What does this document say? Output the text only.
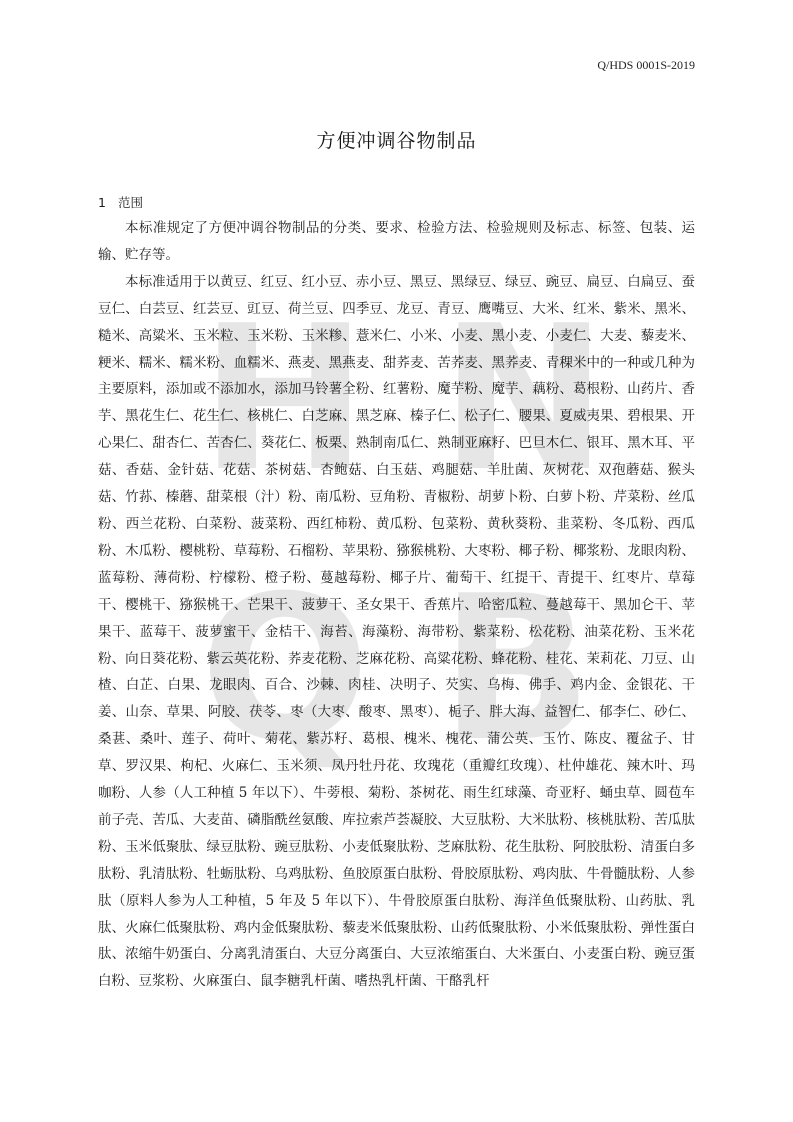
H N
Q B
Q/HDS 0001S-2019
方便冲调谷物制品
1 范围

本标准规定了方便冲调谷物制品的分类、要求、检验方法、检验规则及标志、标签、包装、运输、贮存等。

本标准适用于以黄豆、红豆、红小豆、赤小豆、黑豆、黑绿豆、绿豆、豌豆、扁豆、白扁豆、蚕豆仁、白芸豆、红芸豆、豇豆、荷兰豆、四季豆、龙豆、青豆、鹰嘴豆、大米、红米、紫米、黑米、糙米、高粱米、玉米粒、玉米粉、玉米糁、薏米仁、小米、小麦、黑小麦、小麦仁、大麦、藜麦米、粳米、糯米、糯米粉、血糯米、燕麦、黑燕麦、甜荞麦、苦荞麦、黑荞麦、青稞米中的一种或几种为主要原料，添加或不添加水，添加马铃薯全粉、红薯粉、魔芋粉、魔芋、藕粉、葛根粉、山药片、香芋、黑花生仁、花生仁、核桃仁、白芝麻、黑芝麻、榛子仁、松子仁、腰果、夏威夷果、碧根果、开心果仁、甜杏仁、苦杏仁、葵花仁、板栗、熟制南瓜仁、熟制亚麻籽、巴旦木仁、银耳、黑木耳、平菇、香菇、金针菇、花菇、茶树菇、杏鲍菇、白玉菇、鸡腿菇、羊肚菌、灰树花、双孢蘑菇、猴头菇、竹荪、榛蘑、甜菜根（汁）粉、南瓜粉、豆角粉、青椒粉、胡萝卜粉、白萝卜粉、芹菜粉、丝瓜粉、西兰花粉、白菜粉、菠菜粉、西红柿粉、黄瓜粉、包菜粉、黄秋葵粉、韭菜粉、冬瓜粉、西瓜粉、木瓜粉、樱桃粉、草莓粉、石榴粉、苹果粉、猕猴桃粉、大枣粉、椰子粉、椰浆粉、龙眼肉粉、蓝莓粉、薄荷粉、柠檬粉、橙子粉、蔓越莓粉、椰子片、葡萄干、红提干、青提干、红枣片、草莓干、樱桃干、猕猴桃干、芒果干、菠萝干、圣女果干、香蕉片、哈密瓜粒、蔓越莓干、黑加仑干、苹果干、蓝莓干、菠萝蜜干、金桔干、海苔、海藻粉、海带粉、紫菜粉、松花粉、油菜花粉、玉米花粉、向日葵花粉、紫云英花粉、荞麦花粉、芝麻花粉、高粱花粉、蜂花粉、桂花、茉莉花、刀豆、山楂、白芷、白果、龙眼肉、百合、沙棘、肉桂、决明子、芡实、乌梅、佛手、鸡内金、金银花、干姜、山奈、草果、阿胶、茯苓、枣（大枣、酸枣、黑枣）、栀子、胖大海、益智仁、郁李仁、砂仁、桑葚、桑叶、莲子、荷叶、菊花、紫苏籽、葛根、槐米、槐花、蒲公英、玉竹、陈皮、覆盆子、甘草、罗汉果、枸杞、火麻仁、玉米须、凤丹牡丹花、玫瑰花（重瓣红玫瑰）、杜仲雄花、辣木叶、玛咖粉、人参（人工种植 5 年以下）、牛蒡根、菊粉、茶树花、雨生红球藻、奇亚籽、蛹虫草、圆苞车前子壳、苦瓜、大麦苗、磷脂酰丝氨酸、库拉索芦荟凝胶、大豆肽粉、大米肽粉、核桃肽粉、苦瓜肽粉、玉米低聚肽、绿豆肽粉、豌豆肽粉、小麦低聚肽粉、芝麻肽粉、花生肽粉、阿胶肽粉、清蛋白多肽粉、乳清肽粉、牡蛎肽粉、乌鸡肽粉、鱼胶原蛋白肽粉、骨胶原肽粉、鸡肉肽、牛骨髓肽粉、人参肽（原料人参为人工种植，5 年及 5 年以下）、牛骨胶原蛋白肽粉、海洋鱼低聚肽粉、山药肽、乳肽、火麻仁低聚肽粉、鸡内金低聚肽粉、藜麦米低聚肽粉、山药低聚肽粉、小米低聚肽粉、弹性蛋白肽、浓缩牛奶蛋白、分离乳清蛋白、大豆分离蛋白、大豆浓缩蛋白、大米蛋白、小麦蛋白粉、豌豆蛋白粉、豆浆粉、火麻蛋白、鼠李糖乳杆菌、嗜热乳杆菌、干酪乳杆
